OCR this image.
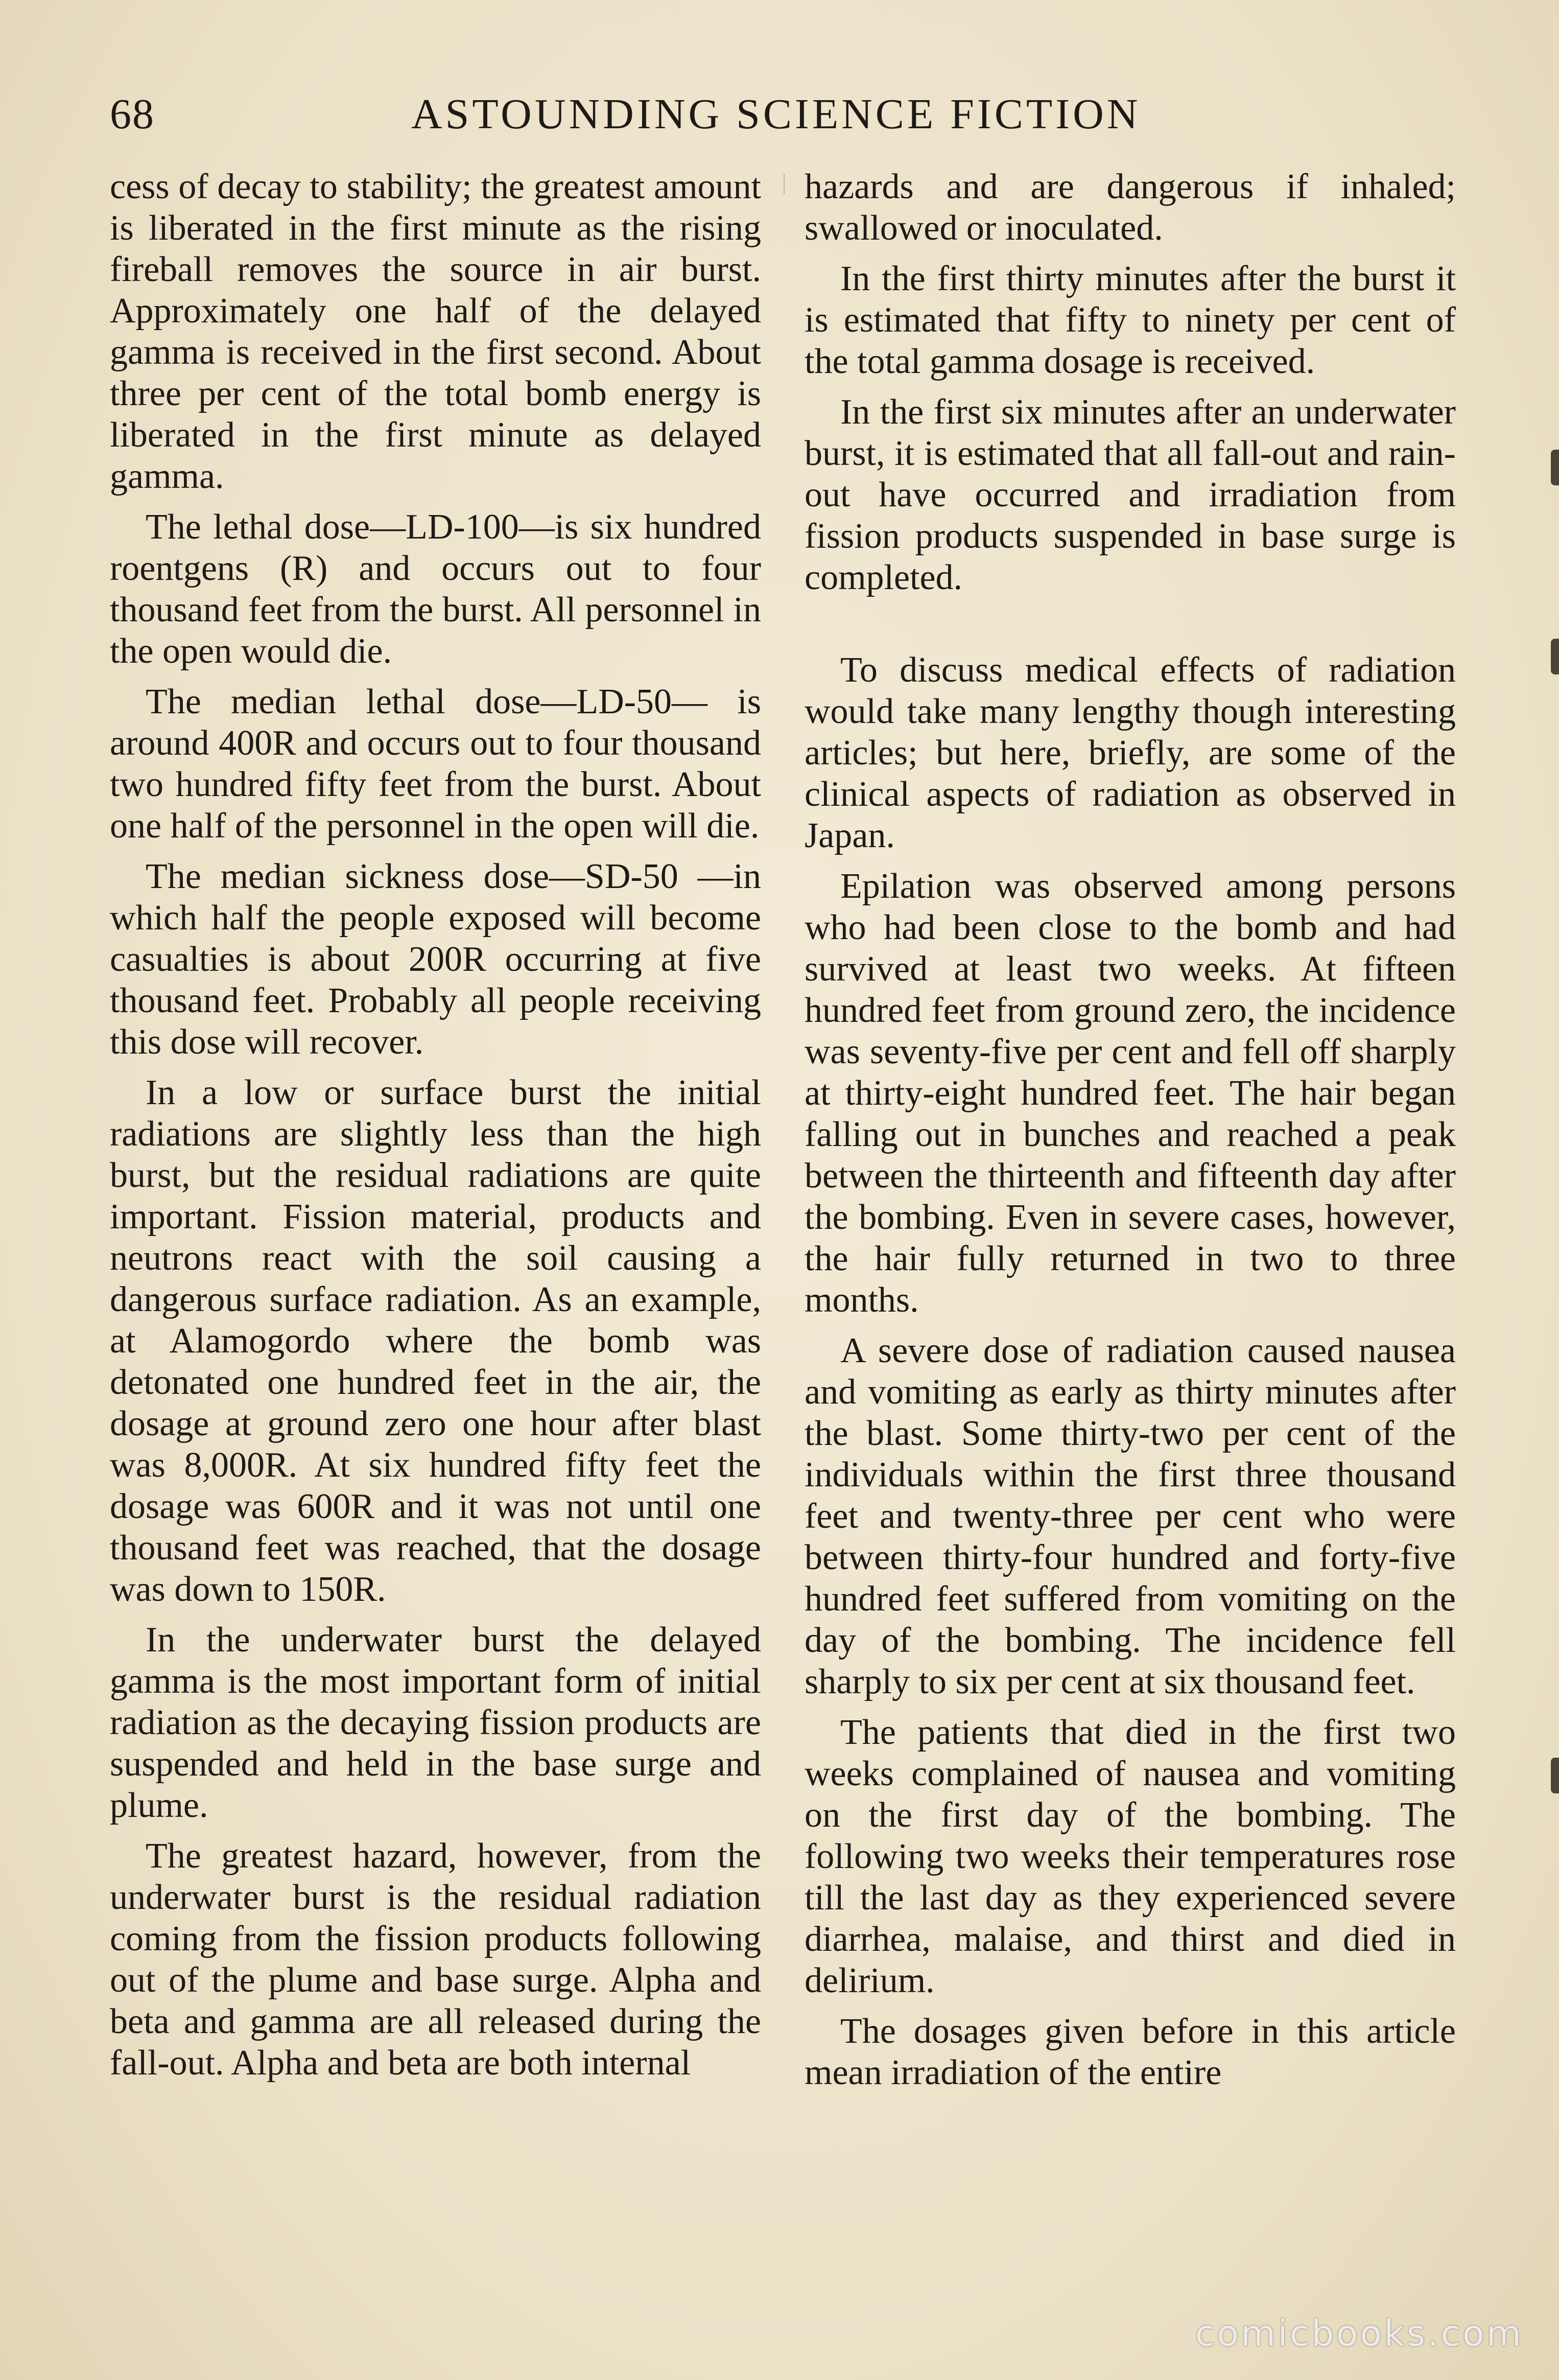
68	ASTOUNDING SCIENCE FICTION

cess of decay to stability; the greatest amount is liberated in the first minute as the rising fireball removes the source in air burst. Approximately one half of the delayed gamma is received in the first second. About three per cent of the total bomb energy is liberated in the first minute as delayed gamma.

The lethal dose—LD-100—is six hundred roentgens (R) and occurs out to four thousand feet from the burst. All personnel in the open would die.

The median lethal dose—LD-50— is around 400R and occurs out to four thousand two hundred fifty feet from the burst. About one half of the personnel in the open will die.

The median sickness dose—SD-50 —in which half the people exposed will become casualties is about 200R occurring at five thousand feet. Probably all people receiving this dose will recover.

In a low or surface burst the initial radiations are slightly less than the high burst, but the residual radiations are quite important. Fission material, products and neutrons react with the soil causing a dangerous surface radiation. As an example, at Alamogordo where the bomb was detonated one hundred feet in the air, the dosage at ground zero one hour after blast was 8,000R. At six hundred fifty feet the dosage was 600R and it was not until one thousand feet was reached, that the dosage was down to 150R.

In the underwater burst the delayed gamma is the most important form of initial radiation as the decaying fission products are suspended and held in the base surge and plume.

The greatest hazard, however, from the underwater burst is the residual radiation coming from the fission products following out of the plume and base surge. Alpha and beta and gamma are all released during the fall-out. Alpha and beta are both internal

hazards and are dangerous if inhaled; swallowed or inoculated.

In the first thirty minutes after the burst it is estimated that fifty to ninety per cent of the total gamma dosage is received.

In the first six minutes after an underwater burst, it is estimated that all fall-out and rain-out have occurred and irradiation from fission products suspended in base surge is completed.

To discuss medical effects of radiation would take many lengthy though interesting articles; but here, briefly, are some of the clinical aspects of radiation as observed in Japan.

Epilation was observed among persons who had been close to the bomb and had survived at least two weeks. At fifteen hundred feet from ground zero, the incidence was seventy-five per cent and fell off sharply at thirty-eight hundred feet. The hair began falling out in bunches and reached a peak between the thirteenth and fifteenth day after the bombing. Even in severe cases, however, the hair fully returned in two to three months.

A severe dose of radiation caused nausea and vomiting as early as thirty minutes after the blast. Some thirty-two per cent of the individuals within the first three thousand feet and twenty-three per cent who were between thirty-four hundred and forty-five hundred feet suffered from vomiting on the day of the bombing. The incidence fell sharply to six per cent at six thousand feet.

The patients that died in the first two weeks complained of nausea and vomiting on the first day of the bombing. The following two weeks their temperatures rose till the last day as they experienced severe diarrhea, malaise, and thirst and died in delirium.

The dosages given before in this article mean irradiation of the entire

comicbooks.com
